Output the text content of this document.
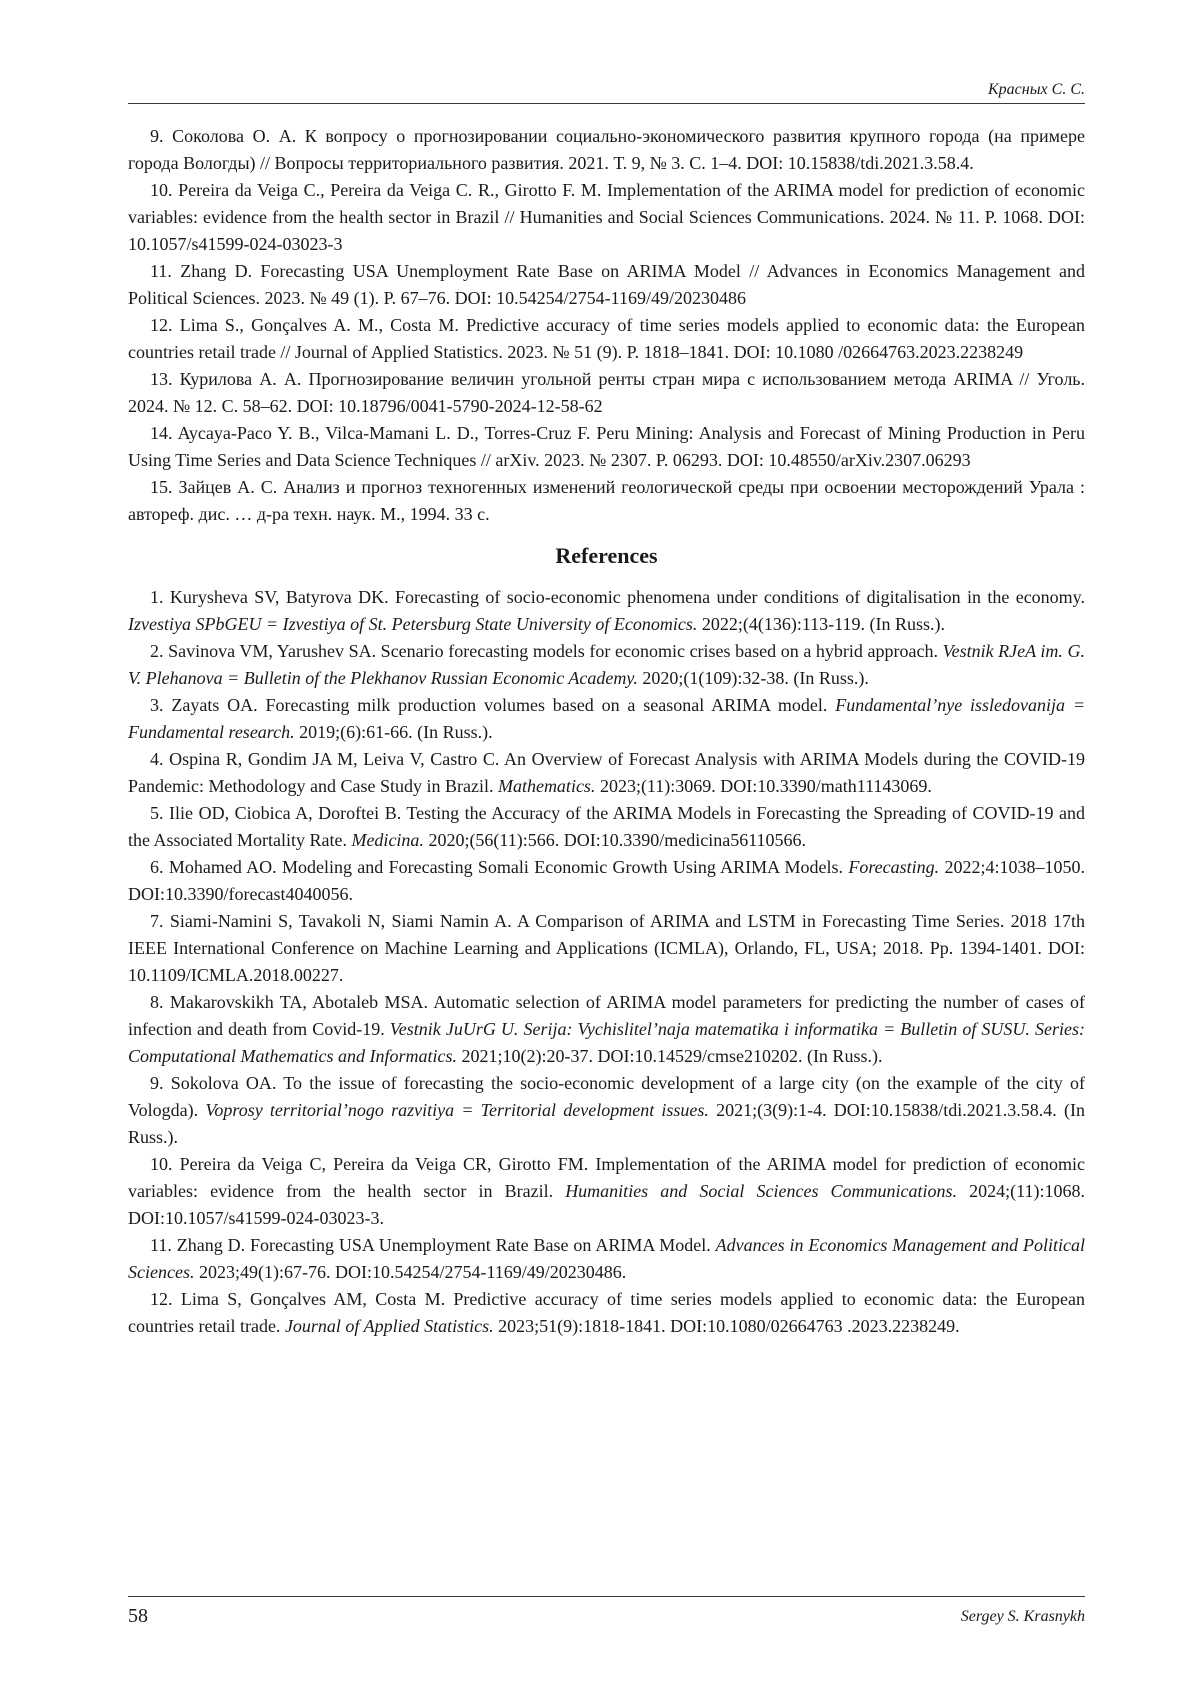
Красных С. С.

9. Соколова О. А. К вопросу о прогнозировании социально-экономического развития крупного города (на примере города Вологды) // Вопросы территориального развития. 2021. Т. 9, № 3. С. 1–4. DOI: 10.15838/tdi.2021.3.58.4.

10. Pereira da Veiga C., Pereira da Veiga C. R., Girotto F. M. Implementation of the ARIMA model for prediction of economic variables: evidence from the health sector in Brazil // Humanities and Social Sciences Communications. 2024. № 11. P. 1068. DOI: 10.1057/s41599-024-03023-3

11. Zhang D. Forecasting USA Unemployment Rate Base on ARIMA Model // Advances in Economics Management and Political Sciences. 2023. № 49 (1). P. 67–76. DOI: 10.54254/2754-1169/49/20230486

12. Lima S., Gonçalves A. M., Costa M. Predictive accuracy of time series models applied to economic data: the European countries retail trade // Journal of Applied Statistics. 2023. № 51 (9). P. 1818–1841. DOI: 10.1080 /02664763.2023.2238249

13. Курилова А. А. Прогнозирование величин угольной ренты стран мира с использованием метода ARIMA // Уголь. 2024. № 12. С. 58–62. DOI: 10.18796/0041-5790-2024-12-58-62

14. Aycaya-Paco Y. B., Vilca-Mamani L. D., Torres-Cruz F. Peru Mining: Analysis and Forecast of Mining Production in Peru Using Time Series and Data Science Techniques // arXiv. 2023. № 2307. P. 06293. DOI: 10.48550/arXiv.2307.06293

15. Зайцев А. С. Анализ и прогноз техногенных изменений геологической среды при освоении месторождений Урала : автореф. дис. … д-ра техн. наук. М., 1994. 33 с.

References

1. Kurysheva SV, Batyrova DK. Forecasting of socio-economic phenomena under conditions of digitalisation in the economy. Izvestiya SPbGEU = Izvestiya of St. Petersburg State University of Economics. 2022;(4(136):113-119. (In Russ.).

2. Savinova VM, Yarushev SA. Scenario forecasting models for economic crises based on a hybrid approach. Vestnik RJeA im. G. V. Plehanova = Bulletin of the Plekhanov Russian Economic Academy. 2020;(1(109):32-38. (In Russ.).

3. Zayats OA. Forecasting milk production volumes based on a seasonal ARIMA model. Fundamental’nye issledovanija = Fundamental research. 2019;(6):61-66. (In Russ.).

4. Ospina R, Gondim JA M, Leiva V, Castro C. An Overview of Forecast Analysis with ARIMA Models during the COVID-19 Pandemic: Methodology and Case Study in Brazil. Mathematics. 2023;(11):3069. DOI:10.3390/math11143069.

5. Ilie OD, Ciobica A, Doroftei B. Testing the Accuracy of the ARIMA Models in Forecasting the Spreading of COVID-19 and the Associated Mortality Rate. Medicina. 2020;(56(11):566. DOI:10.3390/medicina56110566.

6. Mohamed AO. Modeling and Forecasting Somali Economic Growth Using ARIMA Models. Forecasting. 2022;4:1038–1050. DOI:10.3390/forecast4040056.

7. Siami-Namini S, Tavakoli N, Siami Namin A. A Comparison of ARIMA and LSTM in Forecasting Time Series. 2018 17th IEEE International Conference on Machine Learning and Applications (ICMLA), Orlando, FL, USA; 2018. Pp. 1394-1401. DOI: 10.1109/ICMLA.2018.00227.

8. Makarovskikh TA, Abotaleb MSA. Automatic selection of ARIMA model parameters for predicting the number of cases of infection and death from Covid-19. Vestnik JuUrG U. Serija: Vychislitel’naja matematika i informatika = Bulletin of SUSU. Series: Computational Mathematics and Informatics. 2021;10(2):20-37. DOI:10.14529/cmse210202. (In Russ.).

9. Sokolova OA. To the issue of forecasting the socio-economic development of a large city (on the example of the city of Vologda). Voprosy territorial’nogo razvitiya = Territorial development issues. 2021;(3(9):1-4. DOI:10.15838/tdi.2021.3.58.4. (In Russ.).

10. Pereira da Veiga C, Pereira da Veiga CR, Girotto FM. Implementation of the ARIMA model for prediction of economic variables: evidence from the health sector in Brazil. Humanities and Social Sciences Communications. 2024;(11):1068. DOI:10.1057/s41599-024-03023-3.

11. Zhang D. Forecasting USA Unemployment Rate Base on ARIMA Model. Advances in Economics Management and Political Sciences. 2023;49(1):67-76. DOI:10.54254/2754-1169/49/20230486.

12. Lima S, Gonçalves AM, Costa M. Predictive accuracy of time series models applied to economic data: the European countries retail trade. Journal of Applied Statistics. 2023;51(9):1818-1841. DOI:10.1080/02664763 .2023.2238249.

58	Sergey S. Krasnykh
